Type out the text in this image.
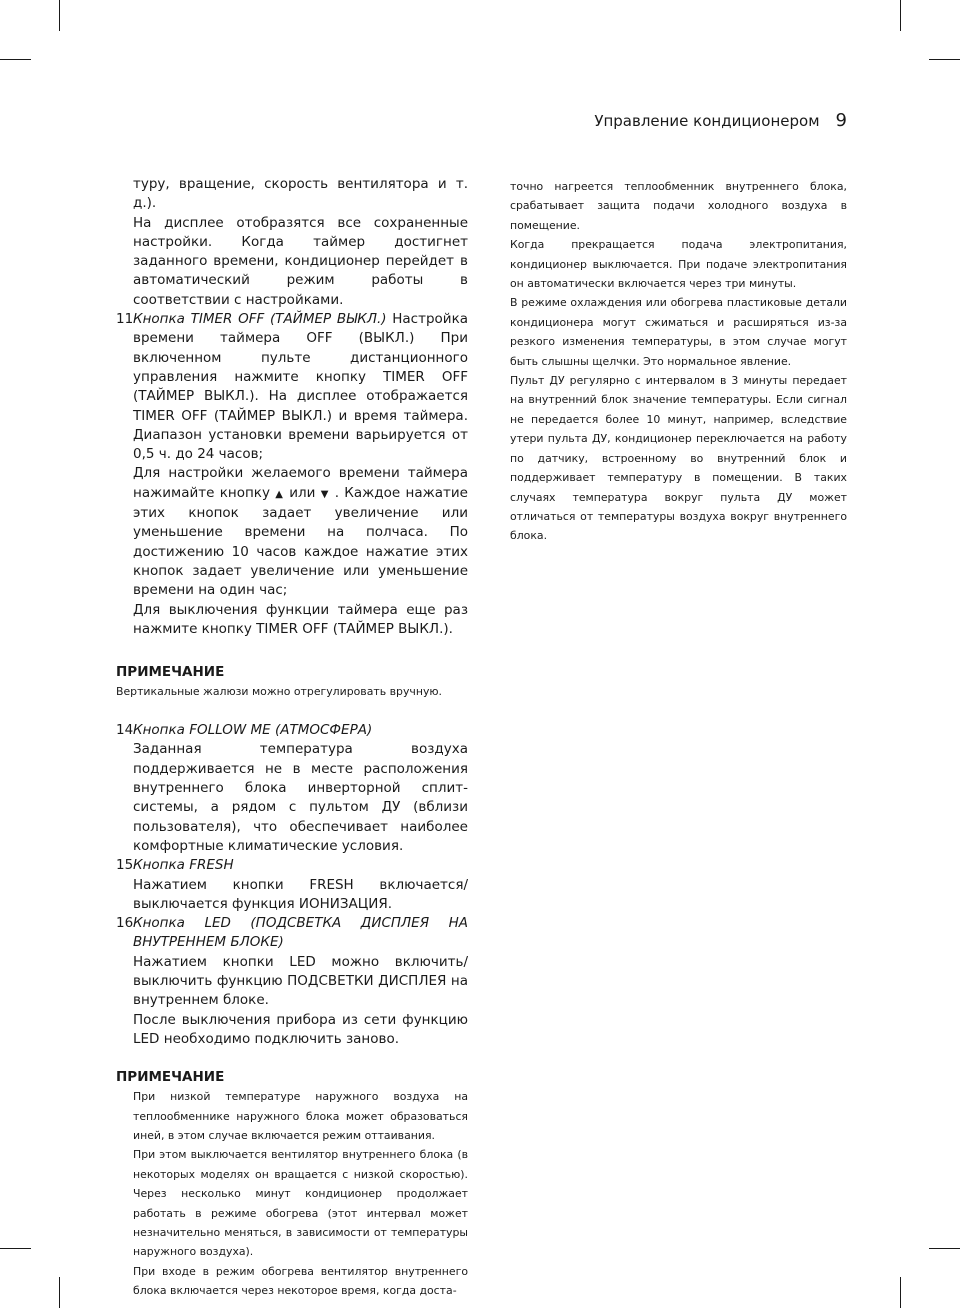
Управление кондиционером 9

туру, вращение, скорость вентилятора и т. д.).

На дисплее отобразятся все сохраненные настройки. Когда таймер достигнет заданного времени, кондиционер перейдет в автоматический режим работы в соответствии с настройками.

11 Кнопка TIMER OFF (ТАЙМЕР ВЫКЛ.) Настройка времени таймера OFF (ВЫКЛ.) При включенном пульте дистанционного управления нажмите кнопку TIMER OFF (ТАЙМЕР ВЫКЛ.). На дисплее отображается TIMER OFF (ТАЙМЕР ВЫКЛ.) и время таймера. Диапазон установки времени варьируется от 0,5 ч. до 24 часов;

Для настройки желаемого времени таймера нажимайте кнопку ▲ или ▼ . Каждое нажатие этих кнопок задает увеличение или уменьшение времени на полчаса. По достижению 10 часов каждое нажатие этих кнопок задает увеличение или уменьшение времени на один час;

Для выключения функции таймера еще раз нажмите кнопку TIMER OFF (ТАЙМЕР ВЫКЛ.).

ПРИМЕЧАНИЕ

Вертикальные жалюзи можно отрегулировать вручную.

14 Кнопка FOLLOW ME (АТМОСФЕРА)

Заданная температура воздуха поддерживается не в месте расположения внутреннего блока инверторной сплит-системы, а рядом с пультом ДУ (вблизи пользователя), что обеспечивает наиболее комфортные климатические условия.

15 Кнопка FRESH

Нажатием кнопки FRESH включается/выключается функция ИОНИЗАЦИЯ.

16 Кнопка LED (ПОДСВЕТКА ДИСПЛЕЯ НА ВНУТРЕННЕМ БЛОКЕ)

Нажатием кнопки LED можно включить/ выключить функцию ПОДСВЕТКИ ДИСПЛЕЯ на внутреннем блоке.

После выключения прибора из сети функцию LED необходимо подключить заново.

ПРИМЕЧАНИЕ

При низкой температуре наружного воздуха на теплообменнике наружного блока может образоваться иней, в этом случае включается режим оттаивания.

При этом выключается вентилятор внутреннего блока (в некоторых моделях он вращается с низкой скоростью). Через несколько минут кондиционер продолжает работать в режиме обогрева (этот интервал может незначительно меняться, в зависимости от температуры наружного воздуха).

При входе в режим обогрева вентилятор внутреннего блока включается через некоторое время, когда доста-

точно нагреется теплообменник внутреннего блока, срабатывает защита подачи холодного воздуха в помещение.

Когда прекращается подача электропитания, кондиционер выключается. При подаче электропитания он автоматически включается через три минуты.

В режиме охлаждения или обогрева пластиковые детали кондиционера могут сжиматься и расширяться из-за резкого изменения температуры, в этом случае могут быть слышны щелчки. Это нормальное явление.

Пульт ДУ регулярно с интервалом в 3 минуты передает на внутренний блок значение температуры. Если сигнал не передается более 10 минут, например, вследствие утери пульта ДУ, кондиционер переключается на работу по датчику, встроенному во внутренний блок и поддерживает температуру в помещении. В таких случаях температура вокруг пульта ДУ может отличаться от температуры воздуха вокруг внутреннего блока.
